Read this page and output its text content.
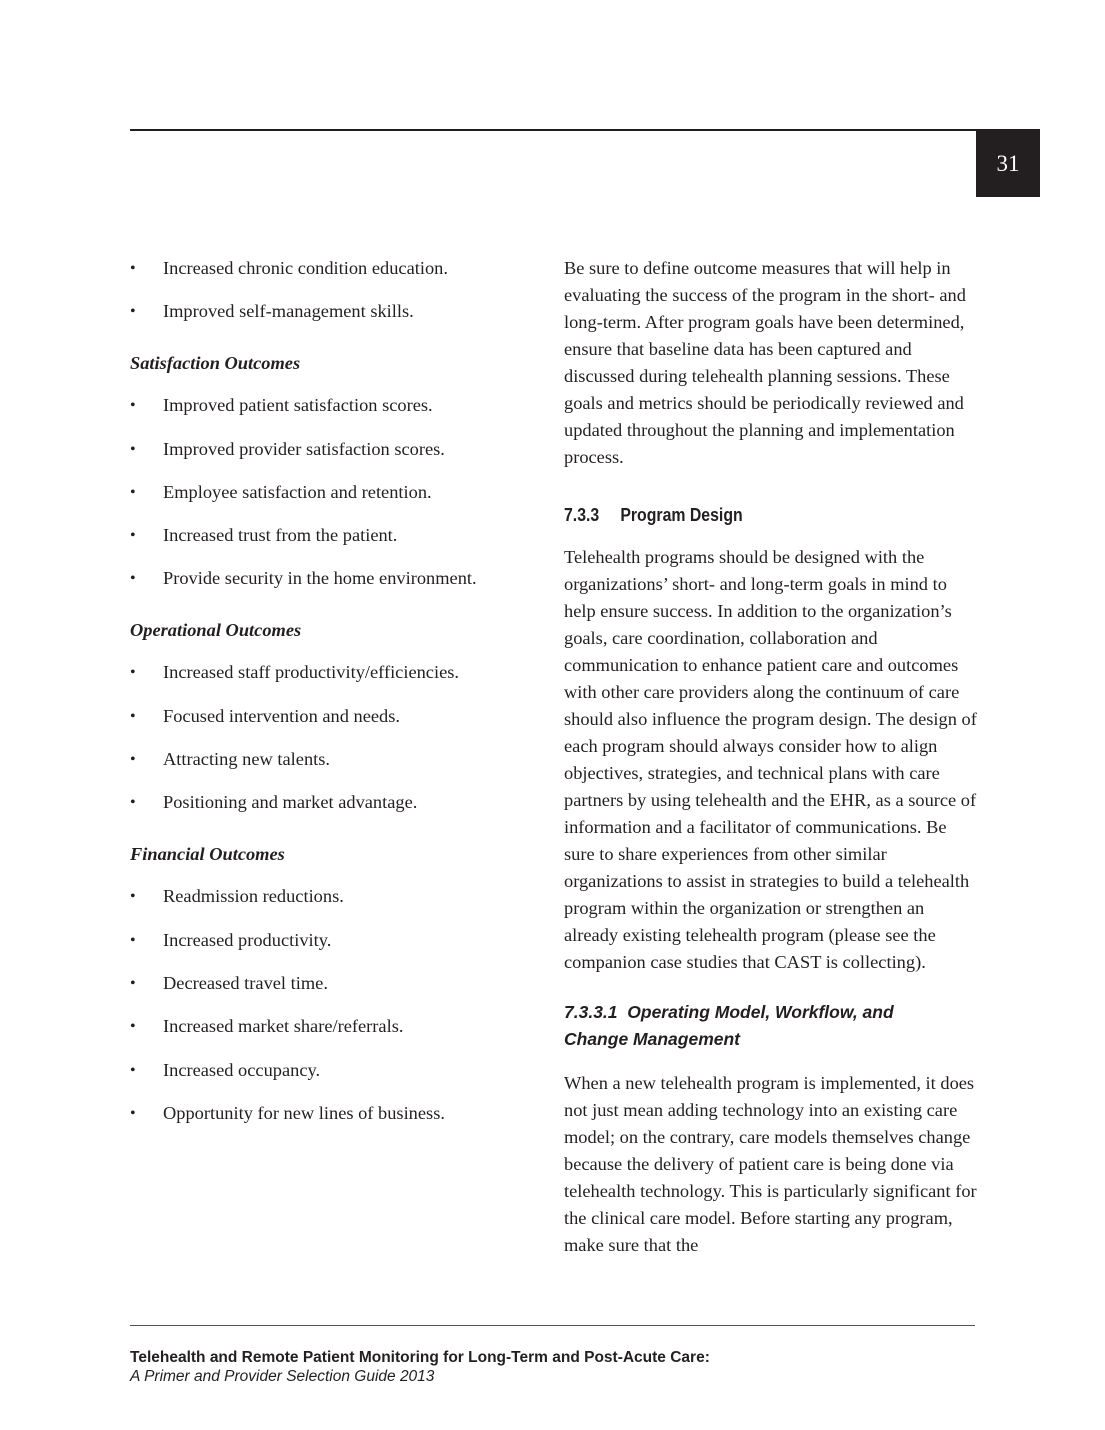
31
• Increased chronic condition education.
• Improved self-management skills.
Satisfaction Outcomes
• Improved patient satisfaction scores.
• Improved provider satisfaction scores.
• Employee satisfaction and retention.
• Increased trust from the patient.
• Provide security in the home environment.
Operational Outcomes
• Increased staff productivity/efficiencies.
• Focused intervention and needs.
• Attracting new talents.
• Positioning and market advantage.
Financial Outcomes
• Readmission reductions.
• Increased productivity.
• Decreased travel time.
• Increased market share/referrals.
• Increased occupancy.
• Opportunity for new lines of business.

Be sure to define outcome measures that will help in evaluating the success of the program in the short- and long-term. After program goals have been determined, ensure that baseline data has been captured and discussed during telehealth planning sessions. These goals and metrics should be periodically reviewed and updated throughout the planning and implementation process.

7.3.3 Program Design

Telehealth programs should be designed with the organizations’ short- and long-term goals in mind to help ensure success. In addition to the organization’s goals, care coordination, collaboration and communication to enhance patient care and outcomes with other care providers along the continuum of care should also influence the program design. The design of each program should always consider how to align objectives, strategies, and technical plans with care partners by using telehealth and the EHR, as a source of information and a facilitator of communications. Be sure to share experiences from other similar organizations to assist in strategies to build a telehealth program within the organization or strengthen an already existing telehealth program (please see the companion case studies that CAST is collecting).

7.3.3.1 Operating Model, Workflow, and Change Management

When a new telehealth program is implemented, it does not just mean adding technology into an existing care model; on the contrary, care models themselves change because the delivery of patient care is being done via telehealth technology. This is particularly significant for the clinical care model. Before starting any program, make sure that the

Telehealth and Remote Patient Monitoring for Long-Term and Post-Acute Care:
A Primer and Provider Selection Guide 2013
